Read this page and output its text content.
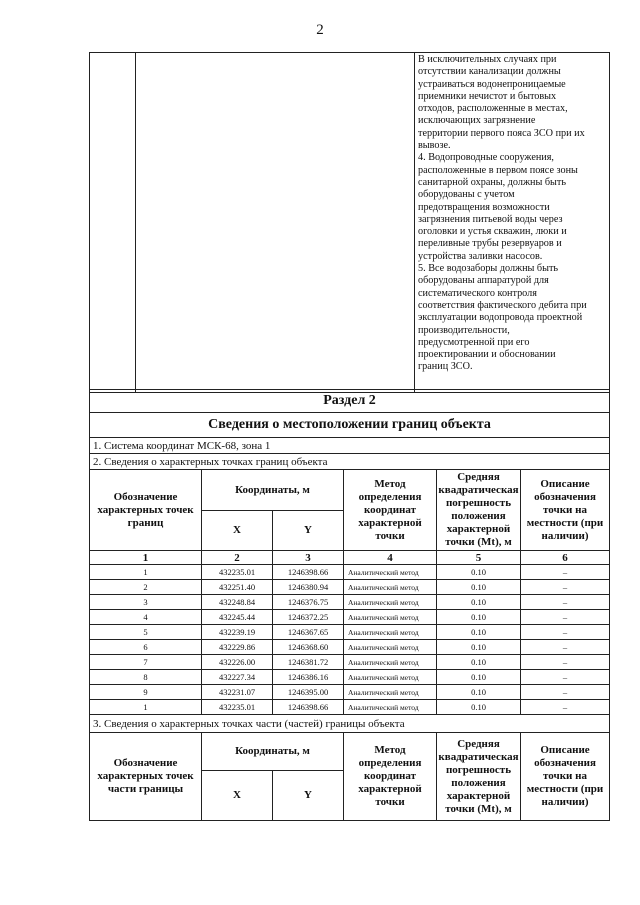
2

В исключительных случаях при
отсутствии канализации должны
устраиваться водонепроницаемые
приемники нечистот и бытовых
отходов, расположенные в местах,
исключающих загрязнение
территории первого пояса ЗСО при их
вывозе.
4. Водопроводные сооружения,
расположенные в первом поясе зоны
санитарной охраны, должны быть
оборудованы с учетом
предотвращения возможности
загрязнения питьевой воды через
оголовки и устья скважин, люки и
переливные трубы резервуаров и
устройства заливки насосов.
5. Все водозаборы должны быть
оборудованы аппаратурой для
систематического контроля
соответствия фактического дебита при
эксплуатации водопровода проектной
производительности,
предусмотренной при его
проектировании и обосновании
границ ЗСО.
Раздел 2					
Сведения о местоположении границ объекта					
1. Система координат МСК-68, зона 1					
2. Сведения о характерных точках границ объекта					
Обозначение характерных точек границ	Координаты, м		Метод определения координат характерной точки	Средняя квадратическая погрешность положения характерной точки (Mt), м	Описание обозначения точки на местности (при наличии)
	X	Y			
1	2	3	4	5	6
1	432235.01	1246398.66	Аналитический метод	0.10	–
2	432251.40	1246380.94	Аналитический метод	0.10	–
3	432248.84	1246376.75	Аналитический метод	0.10	–
4	432245.44	1246372.25	Аналитический метод	0.10	–
5	432239.19	1246367.65	Аналитический метод	0.10	–
6	432229.86	1246368.60	Аналитический метод	0.10	–
7	432226.00	1246381.72	Аналитический метод	0.10	–
8	432227.34	1246386.16	Аналитический метод	0.10	–
9	432231.07	1246395.00	Аналитический метод	0.10	–
1	432235.01	1246398.66	Аналитический метод	0.10	–
3. Сведения о характерных точках части (частей) границы объекта					
Обозначение характерных точек части границы	Координаты, м		Метод определения координат характерной точки	Средняя квадратическая погрешность положения характерной точки (Mt), м	Описание обозначения точки на местности (при наличии)
	X	Y			
